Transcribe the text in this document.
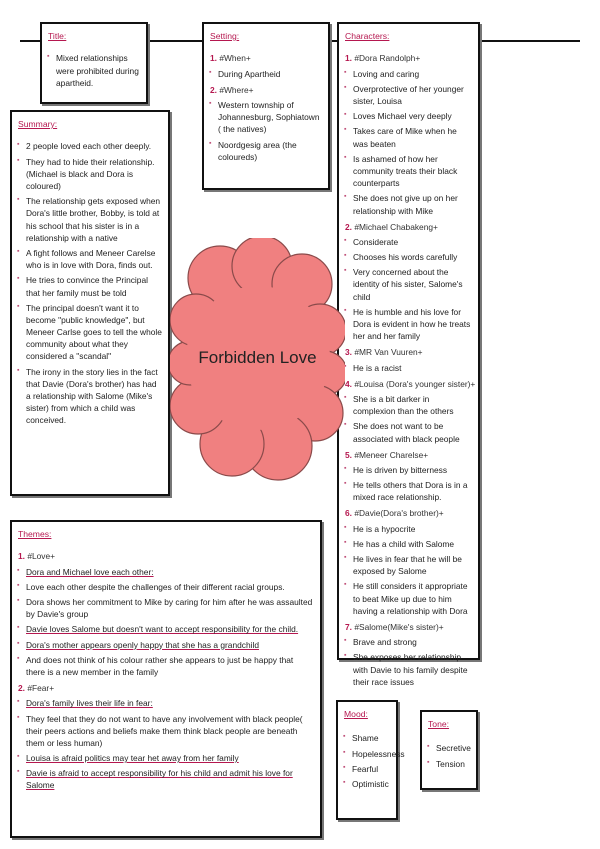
Title:
▪ Mixed relationships were prohibited during apartheid.
Setting:
1. #When+
▪ During Apartheid
2. #Where+
▪ Western township of Johannesburg, Sophiatown ( the natives)
▪ Noordgesig area (the coloureds)
Characters:
1. #Dora Randolph+
▪ Loving and caring
▪ Overprotective of her younger sister, Louisa
▪ Loves Michael very deeply
▪ Takes care of Mike when he was beaten
▪ Is ashamed of how her community treats their black counterparts
▪ She does not give up on her relationship with Mike
2. #Michael Chabakeng+
▪ Considerate
▪ Chooses his words carefully
▪ Very concerned about the identity of his sister, Salome's child
▪ He is humble and his love for Dora is evident in how he treats her and her family
3. #MR Van Vuuren+
▪ He is a racist
4. #Louisa (Dora's younger sister)+
▪ She is a bit darker in complexion than the others
▪ She does not want to be associated with black people
5. #Meneer Charelse+
▪ He is driven by bitterness
▪ He tells others that Dora is in a mixed race relationship.
6. #Davie(Dora's brother)+
▪ He is a hypocrite
▪ He has a child with Salome
▪ He lives in fear that he will be exposed by Salome
▪ He still considers it appropriate to beat Mike up due to him having a relationship with Dora
7. #Salome(Mike's sister)+
▪ Brave and strong
▪ She exposes her relationship with Davie to his family despite their race issues
Summary:
▪ 2 people loved each other deeply.
▪ They had to hide their relationship. (Michael is black and Dora is coloured)
▪ The relationship gets exposed when Dora's little brother, Bobby, is told at his school that his sister is in a relationship with a native
▪ A fight follows and Meneer Carelse who is in love with Dora, finds out.
▪ He tries to convince the Principal that her family must be told
▪ The principal doesn't want it to become "public knowledge", but Meneer Carlse goes to tell the whole community about what they considered a "scandal"
▪ The irony in the story lies in the fact that Davie (Dora's brother) has had a relationship with Salome (Mike's sister) from which a child was conceived.
Forbidden Love
Themes:
1. #Love+
▪ Dora and Michael love each other:
▪ Love each other despite the challenges of their different racial groups.
▪ Dora shows her commitment to Mike by caring for him after he was assaulted by Davie's group
▪ Davie loves Salome but doesn't want to accept responsibility for the child.
▪ Dora's mother appears openly happy that she has a grandchild
▪ And does not think of his colour rather she appears to just be happy that there is a new member in the family
2. #Fear+
▪ Dora's family lives their life in fear:
▪ They feel that they do not want to have any involvement with black people( their peers actions and beliefs make them think black people are beneath them or less human)
▪ Louisa is afraid politics may tear het away from her family
▪ Davie is afraid to accept responsibility for his child and admit his love for Salome
Mood:
▪ Shame
▪ Hopelessness
▪ Fearful
▪ Optimistic
Tone:
▪ Secretive
▪ Tension
